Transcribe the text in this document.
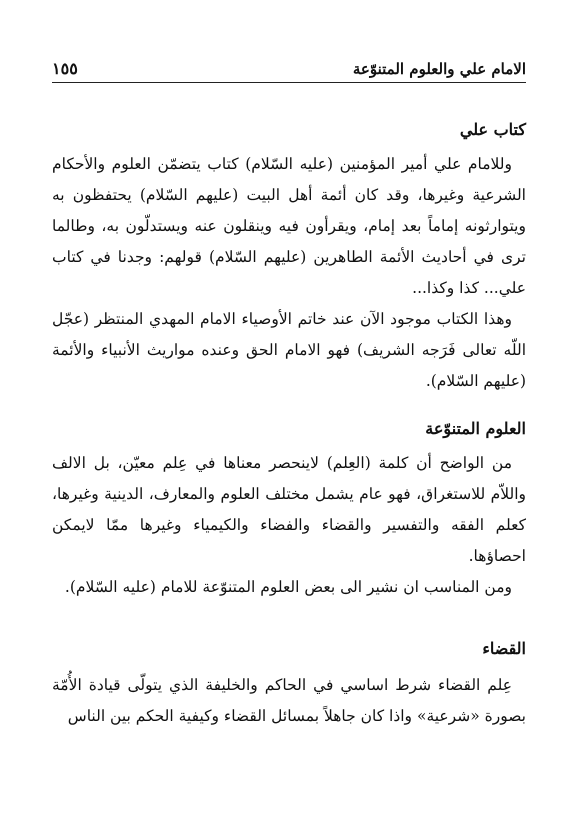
١٥٥	الامام علي والعلوم المتنوّعة
كتاب علي

وللامام علي أمير المؤمنين (عليه السّلام) كتاب يتضمّن العلوم والأحكام الشرعية وغيرها، وقد كان أئمة أهل البيت (عليهم السّلام) يحتفظون به ويتوارثونه إماماً بعد إمام، ويقرأون فيه وينقلون عنه ويستدلّون به، وطالما ترى في أحاديث الأئمة الطاهرين (عليهم السّلام) قولهم: وجدنا في كتاب علي... كذا وكذا...

وهذا الكتاب موجود الآن عند خاتم الأوصياء الامام المهدي المنتظر (عجّل اللّه تعالى فَرَجه الشريف) فهو الامام الحق وعنده مواريث الأنبياء والأئمة (عليهم السّلام).

العلوم المتنوّعة

من الواضح أن كلمة (العِلم) لاينحصر معناها في عِلم معيّن، بل الالف واللاّم للاستغراق، فهو عام يشمل مختلف العلوم والمعارف، الدينية وغيرها، كعلم الفقه والتفسير والقضاء والفضاء والكيمياء وغيرها ممّا لايمكن احصاؤها.

ومن المناسب ان نشير الى بعض العلوم المتنوّعة للامام (عليه السّلام).

القضاء

عِلم القضاء شرط اساسي في الحاكم والخليفة الذي يتولّى قيادة الأُمّة بصورة «شرعية» واذا كان جاهلاً بمسائل القضاء وكيفية الحكم بين الناس
